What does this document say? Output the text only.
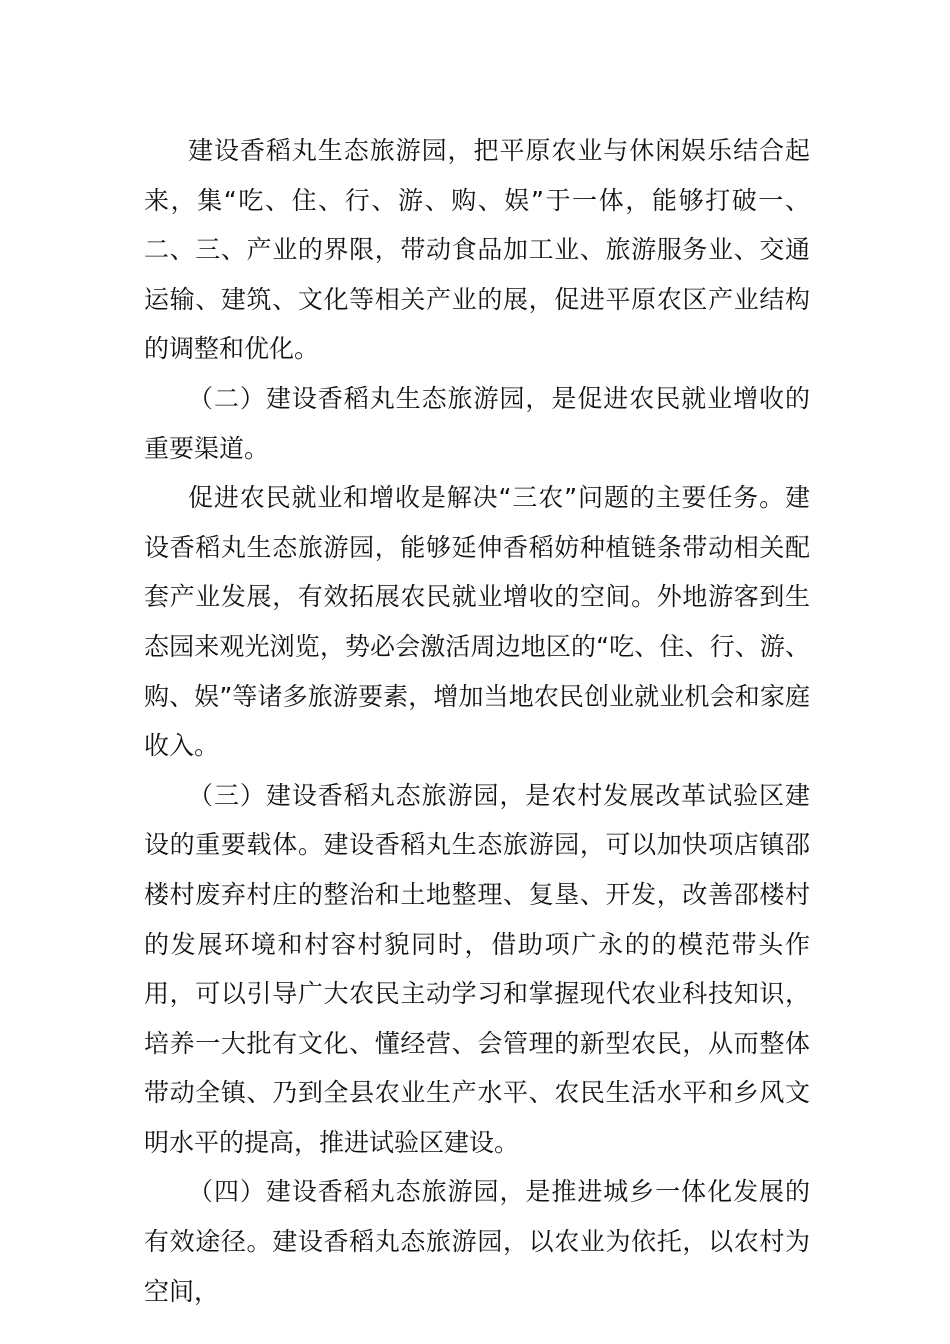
建设香稻丸生态旅游园，把平原农业与休闲娱乐结合起来，集“吃、住、行、游、购、娱”于一体，能够打破一、二、三、产业的界限，带动食品加工业、旅游服务业、交通运输、建筑、文化等相关产业的展，促进平原农区产业结构的调整和优化。

（二）建设香稻丸生态旅游园，是促进农民就业增收的重要渠道。

促进农民就业和增收是解决“三农”问题的主要任务。建 设香稻丸生态旅游园，能够延伸香稻妨种植链条带动相关配套产业发展，有效拓展农民就业增收的空间。外地游客到生态园来观光浏览，势必会激活周边地区的“吃、住、行、游、购、娱”等诸多旅游要素，增加当地农民创业就业机会和家庭收入。

（三）建设香稻丸态旅游园，是农村发展改革试验区建设的重要载体。建设香稻丸生态旅游园，可以加快项店镇邵楼村废弃村庄的整治和土地整理、复垦、开发，改善邵楼村的发展环境和村容村貌同时，借助项广永的的模范带头作用，可以引导广大农民主动学习和掌握现代农业科技知识，培养一大批有文化、懂经营、会管理的新型农民，从而整体带动全镇、乃到全县农业生产水平、农民生活水平和乡风文明水平的提高，推进试验区建设。

（四）建设香稻丸态旅游园，是推进城乡一体化发展的有效途径。建设香稻丸态旅游园，以农业为依托，以农村为空间，
